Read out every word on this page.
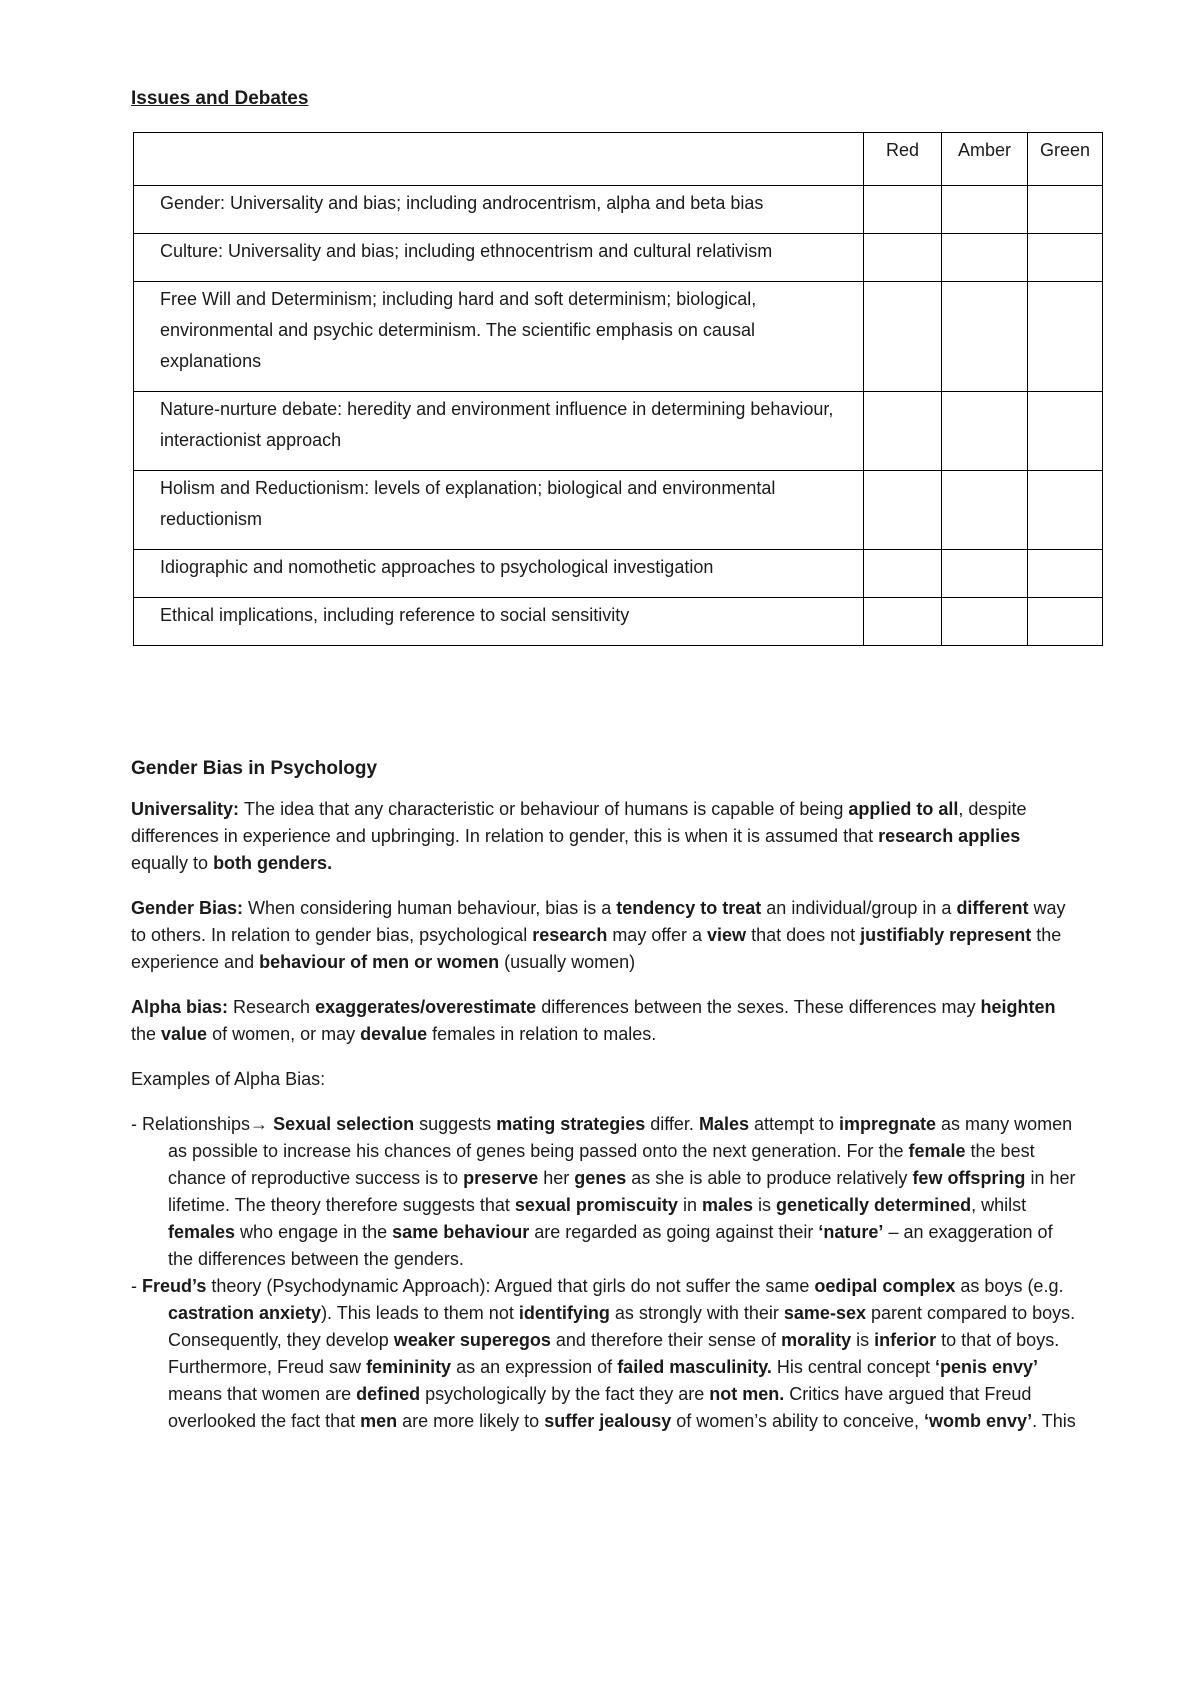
Issues and Debates
	Red	Amber	Green
Gender: Universality and bias; including androcentrism, alpha and beta bias			
Culture: Universality and bias; including ethnocentrism and cultural relativism			
Free Will and Determinism; including hard and soft determinism; biological, environmental and psychic determinism. The scientific emphasis on causal explanations			
Nature-nurture debate: heredity and environment influence in determining behaviour, interactionist approach			
Holism and Reductionism: levels of explanation; biological and environmental reductionism			
Idiographic and nomothetic approaches to psychological investigation			
Ethical implications, including reference to social sensitivity			
Gender Bias in Psychology

Universality: The idea that any characteristic or behaviour of humans is capable of being applied to all, despite differences in experience and upbringing. In relation to gender, this is when it is assumed that research applies equally to both genders.

Gender Bias: When considering human behaviour, bias is a tendency to treat an individual/group in a different way to others. In relation to gender bias, psychological research may offer a view that does not justifiably represent the experience and behaviour of men or women (usually women)

Alpha bias: Research exaggerates/overestimate differences between the sexes. These differences may heighten the value of women, or may devalue females in relation to males.

Examples of Alpha Bias:

- Relationships→ Sexual selection suggests mating strategies differ. Males attempt to impregnate as many women as possible to increase his chances of genes being passed onto the next generation. For the female the best chance of reproductive success is to preserve her genes as she is able to produce relatively few offspring in her lifetime. The theory therefore suggests that sexual promiscuity in males is genetically determined, whilst females who engage in the same behaviour are regarded as going against their ‘nature’ – an exaggeration of the differences between the genders.
- Freud’s theory (Psychodynamic Approach): Argued that girls do not suffer the same oedipal complex as boys (e.g. castration anxiety). This leads to them not identifying as strongly with their same-sex parent compared to boys. Consequently, they develop weaker superegos and therefore their sense of morality is inferior to that of boys. Furthermore, Freud saw femininity as an expression of failed masculinity. His central concept ‘penis envy’ means that women are defined psychologically by the fact they are not men. Critics have argued that Freud overlooked the fact that men are more likely to suffer jealousy of women’s ability to conceive, ‘womb envy’. This
